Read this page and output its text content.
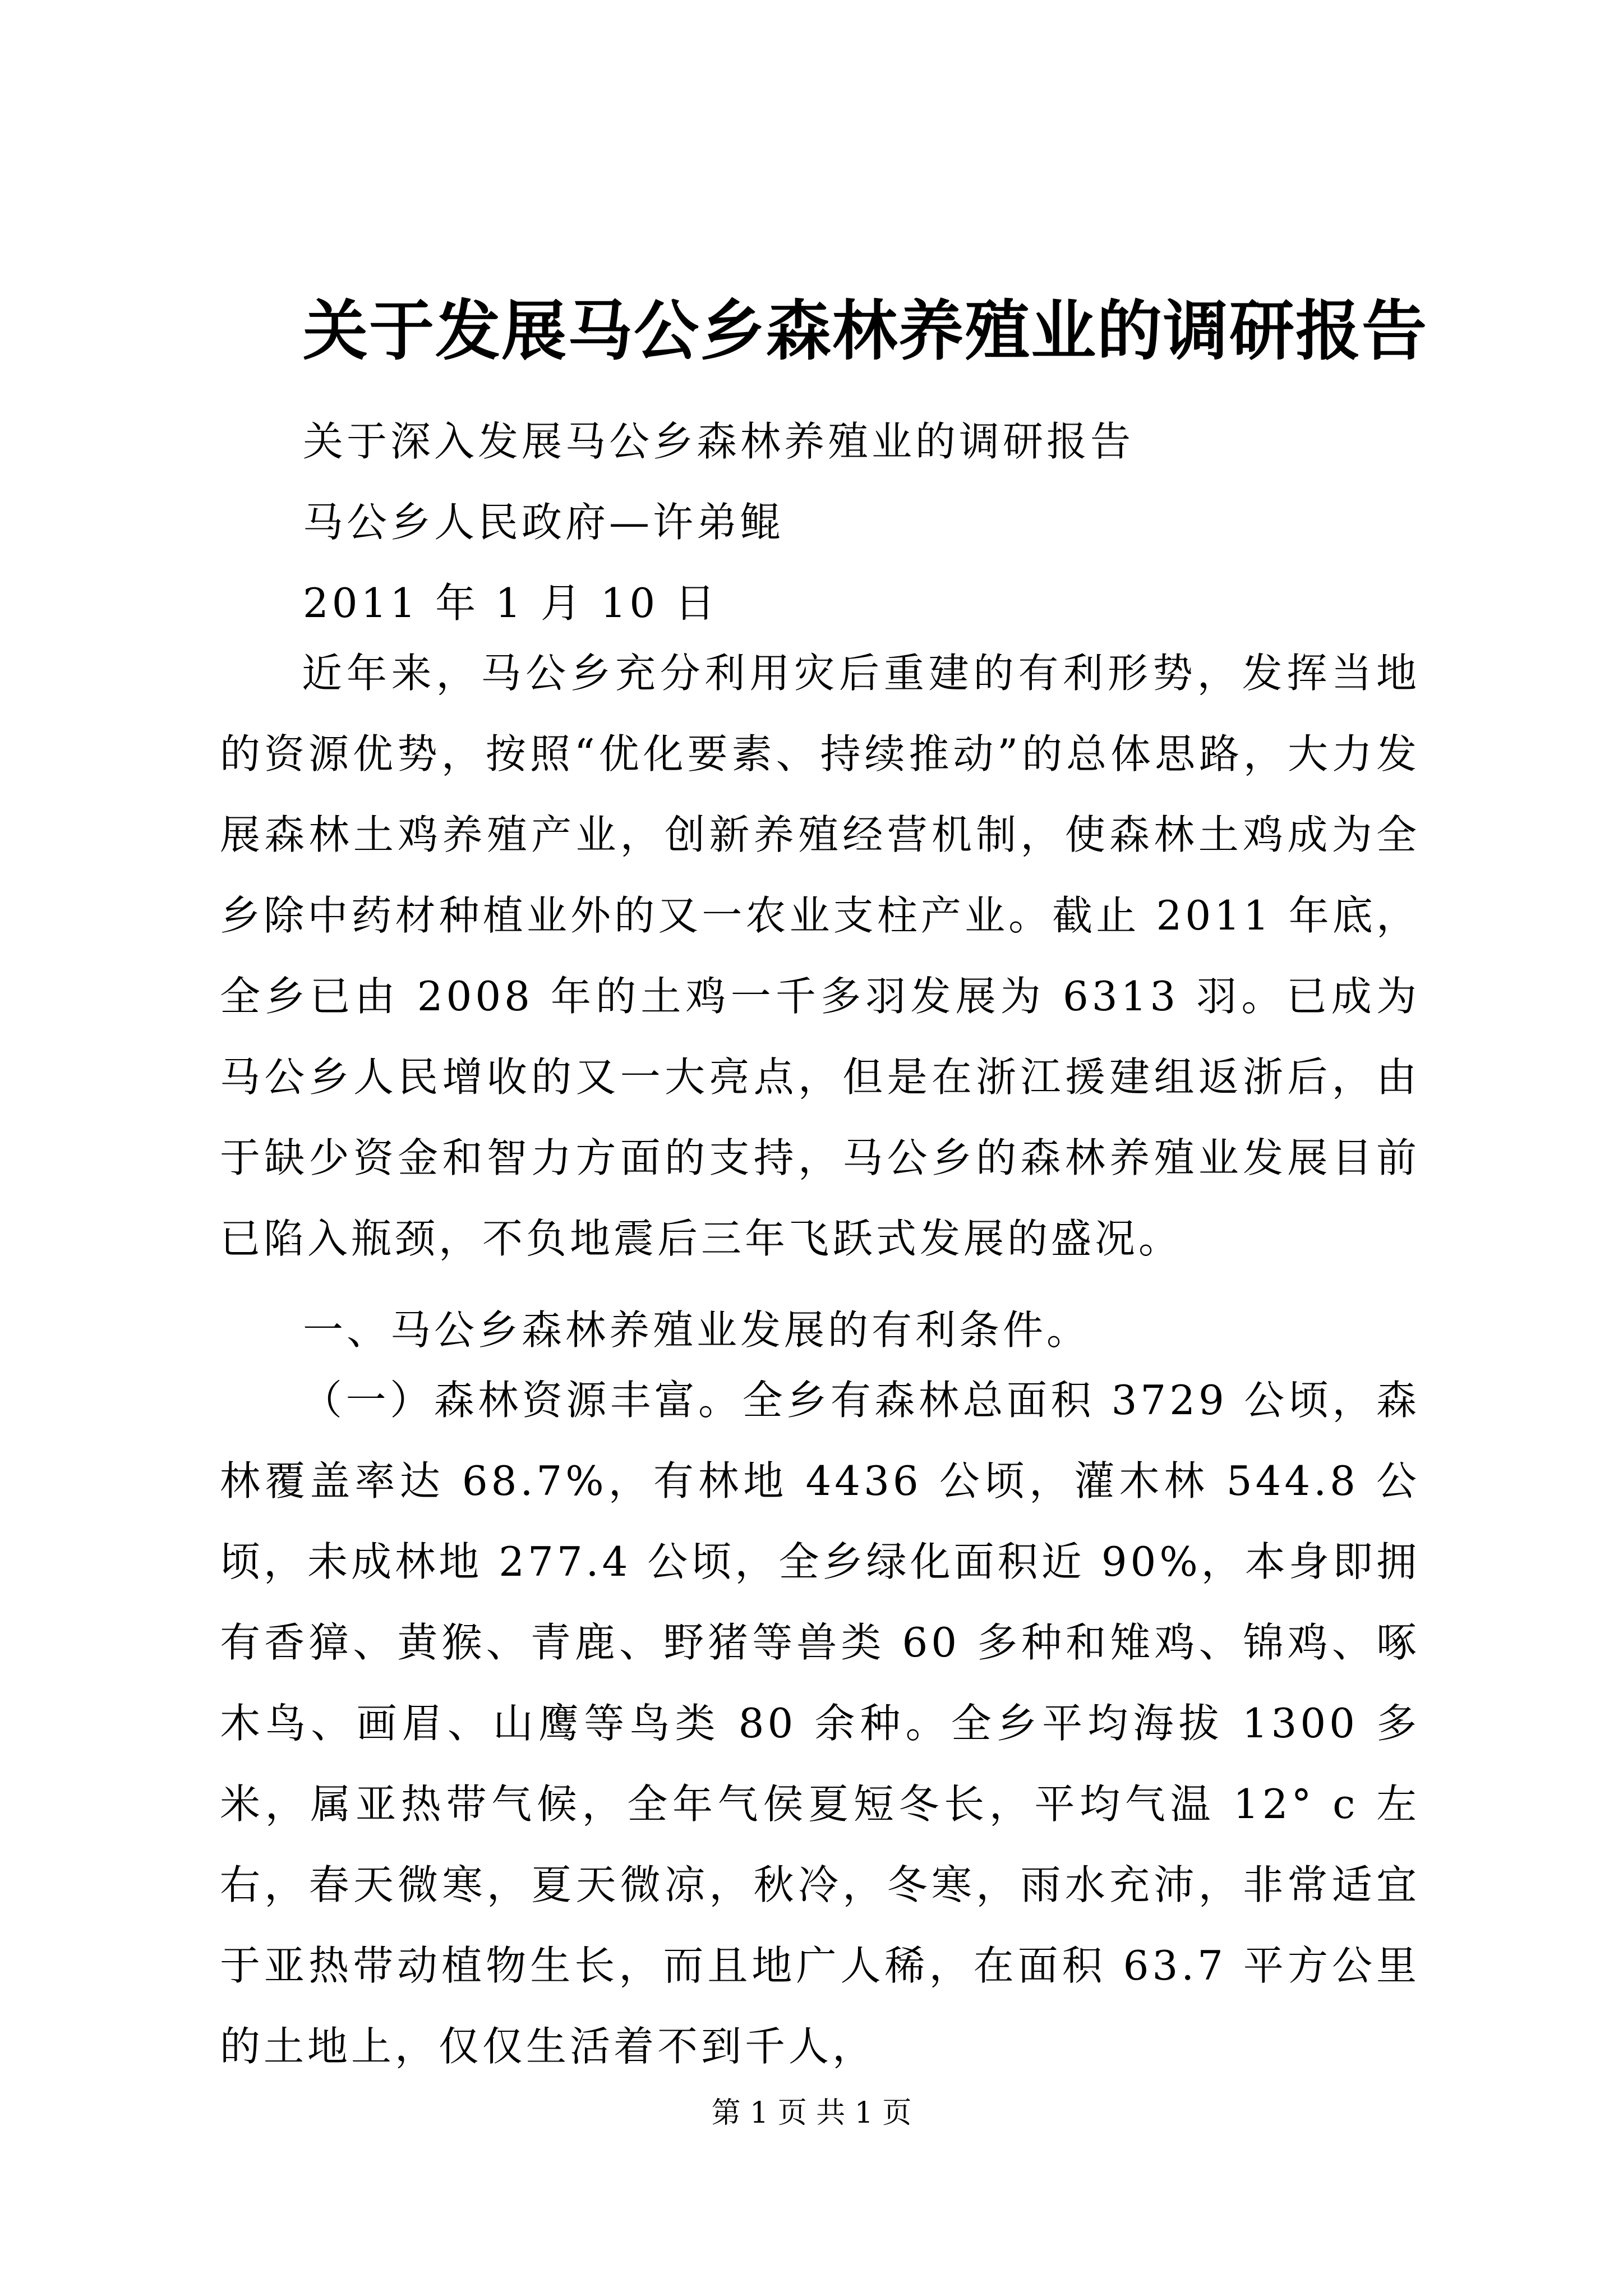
关于发展马公乡森林养殖业的调研报告
关于深入发展马公乡森林养殖业的调研报告
马公乡人民政府—许弟鲲
2011 年 1 月 10 日

近年来，马公乡充分利用灾后重建的有利形势，发挥当地的资源优势，按照“优化要素、持续推动”的总体思路，大力发展森林土鸡养殖产业，创新养殖经营机制，使森林土鸡成为全乡除中药材种植业外的又一农业支柱产业。截止 2011 年底，全乡已由 2008 年的土鸡一千多羽发展为 6313 羽。已成为马公乡人民增收的又一大亮点，但是在浙江援建组返浙后，由于缺少资金和智力方面的支持，马公乡的森林养殖业发展目前已陷入瓶颈，不负地震后三年飞跃式发展的盛况。

一、马公乡森林养殖业发展的有利条件。

（一）森林资源丰富。全乡有森林总面积 3729 公顷，森林覆盖率达 68.7%，有林地 4436 公顷，灌木林 544.8 公顷，未成林地 277.4 公顷，全乡绿化面积近 90%，本身即拥有香獐、黄猴、青鹿、野猪等兽类 60 多种和雉鸡、锦鸡、啄木鸟、画眉、山鹰等鸟类 80 余种。全乡平均海拔 1300 多米，属亚热带气候，全年气侯夏短冬长，平均气温 12° c 左右，春天微寒，夏天微凉，秋冷，冬寒，雨水充沛，非常适宜于亚热带动植物生长，而且地广人稀，在面积 63.7 平方公里的土地上，仅仅生活着不到千人，

第 1 页 共 1 页
